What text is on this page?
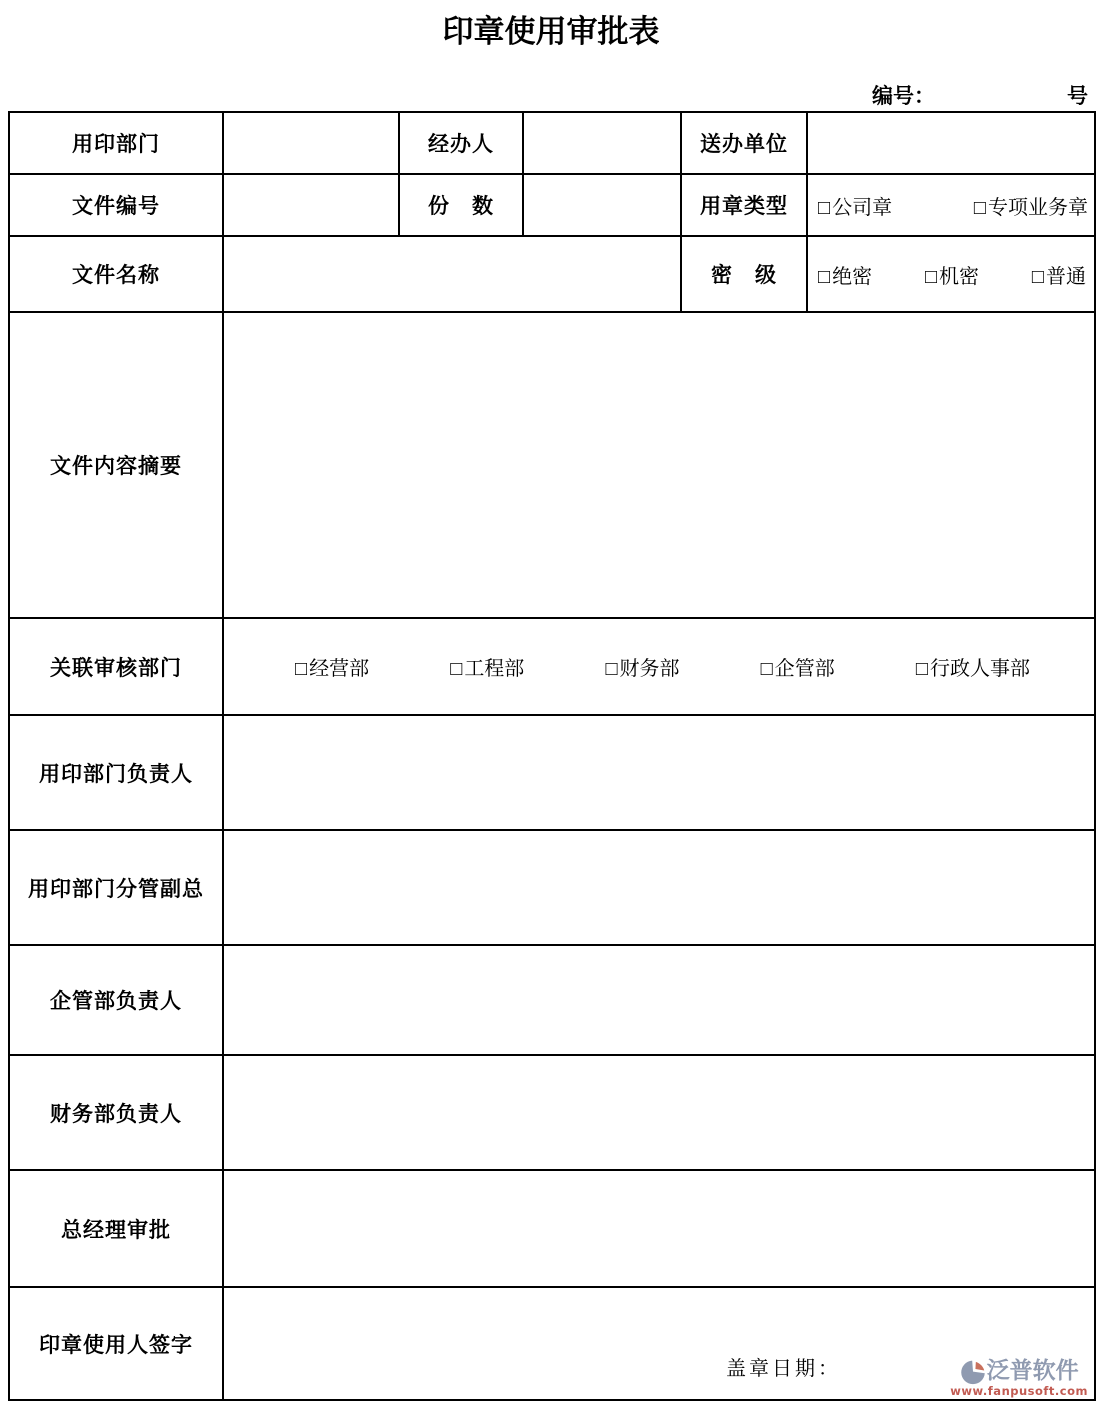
印章使用审批表
编号：	号
用印部门		经办人		送办单位	
文件编号		份　数		用章类型	□ 公司章 □ 专项业务章

文件名称				密　级	□ 绝密 □ 机密 □ 普通

文件内容摘要					
关联审核部门	□ 经营部 □ 工程部 □ 财务部 □ 企管部 □ 行政人事部				

用印部门负责人					
用印部门分管副总					
企管部负责人					
财务部负责人					
总经理审批					
印章使用人签字	盖章日期： 泛普软件
www.fanpusoft.com				
